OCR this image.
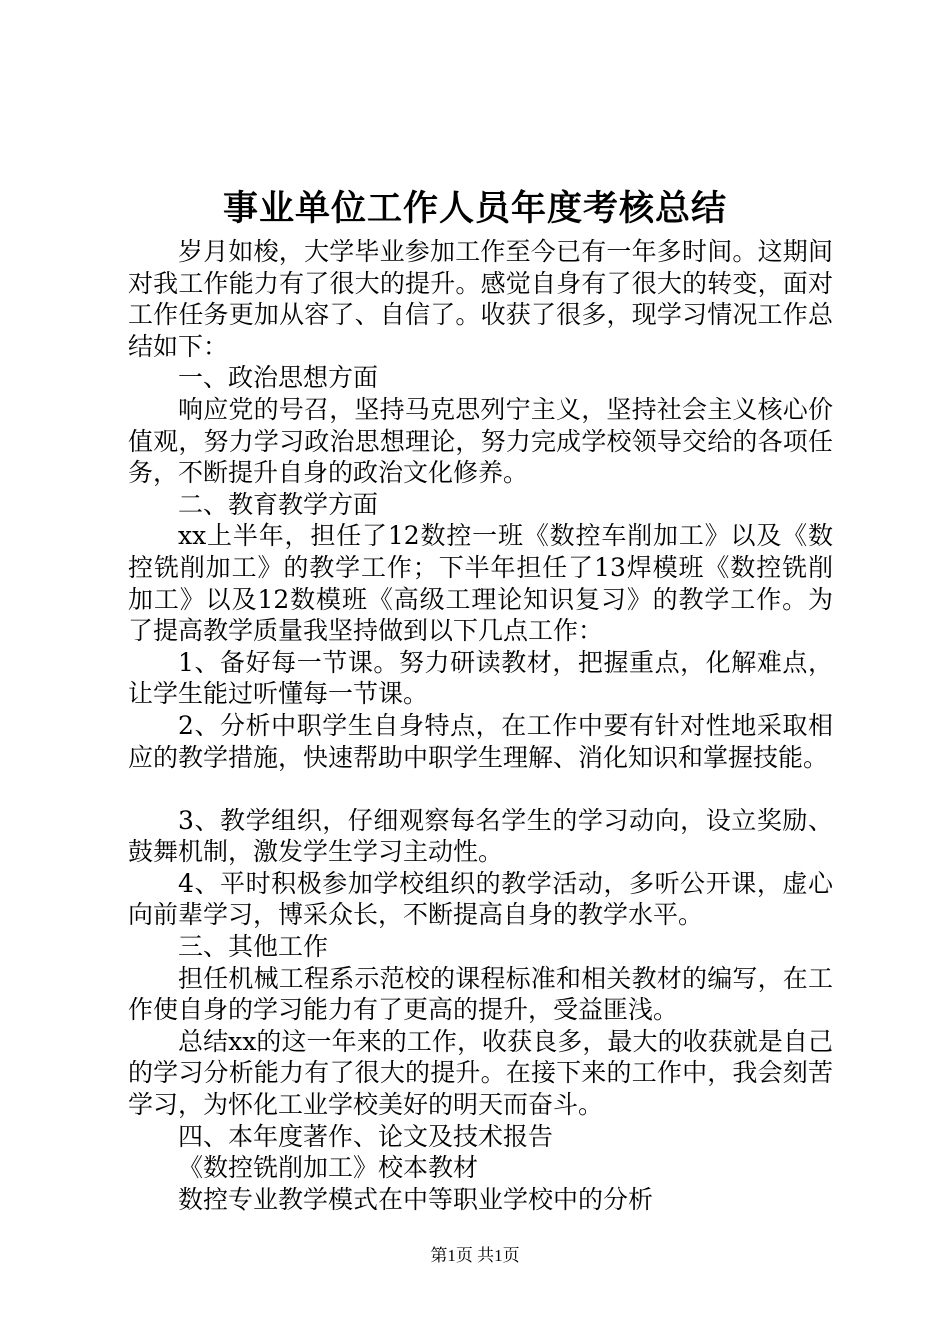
事业单位工作人员年度考核总结

岁月如梭，大学毕业参加工作至今已有一年多时间。这期间对我工作能力有了很大的提升。感觉自身有了很大的转变，面对工作任务更加从容了、自信了。收获了很多，现学习情况工作总结如下：

一、政治思想方面

响应党的号召，坚持马克思列宁主义，坚持社会主义核心价值观，努力学习政治思想理论，努力完成学校领导交给的各项任务，不断提升自身的政治文化修养。

二、教育教学方面

xx上半年，担任了12数控一班《数控车削加工》以及《数控铣削加工》的教学工作；下半年担任了13焊模班《数控铣削加工》以及12数模班《高级工理论知识复习》的教学工作。为了提高教学质量我坚持做到以下几点工作：

1、备好每一节课。努力研读教材，把握重点，化解难点，让学生能过听懂每一节课。

2、分析中职学生自身特点，在工作中要有针对性地采取相应的教学措施，快速帮助中职学生理解、消化知识和掌握技能。

3、教学组织，仔细观察每名学生的学习动向，设立奖励、鼓舞机制，激发学生学习主动性。

4、平时积极参加学校组织的教学活动，多听公开课，虚心向前辈学习，博采众长，不断提高自身的教学水平。

三、其他工作

担任机械工程系示范校的课程标准和相关教材的编写，在工作使自身的学习能力有了更高的提升，受益匪浅。

总结xx的这一年来的工作，收获良多，最大的收获就是自己的学习分析能力有了很大的提升。在接下来的工作中，我会刻苦学习，为怀化工业学校美好的明天而奋斗。

四、本年度著作、论文及技术报告

《数控铣削加工》校本教材

数控专业教学模式在中等职业学校中的分析

第1页 共1页
